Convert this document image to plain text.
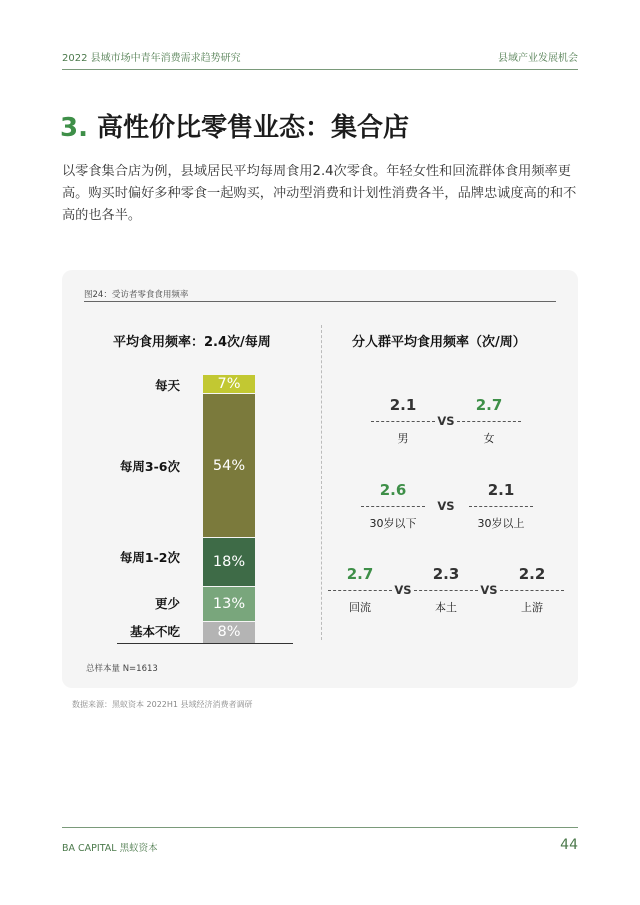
2022 县域市场中青年消费需求趋势研究	县域产业发展机会
3. 高性价比零售业态：集合店

以零食集合店为例，县域居民平均每周食用2.4次零食。年轻女性和回流群体食用频率更高。购买时偏好多种零食一起购买，冲动型消费和计划性消费各半，品牌忠诚度高的和不高的也各半。

图24：受访者零食食用频率
平均食用频率：2.4次/每周	分人群平均食用频率（次/周）
7%
每天
54%
每周3-6次
18%
每周1-2次
13%
更少
8%
基本不吃
2.1
男
2.7
女
VS
2.6
30岁以下
2.1
30岁以上
VS
2.7
回流
2.3
本土
2.2
上游
VS	VS
总样本量 N=1613
数据来源：黑蚁资本 2022H1 县域经济消费者调研
BA CAPITAL 黑蚁资本	44
